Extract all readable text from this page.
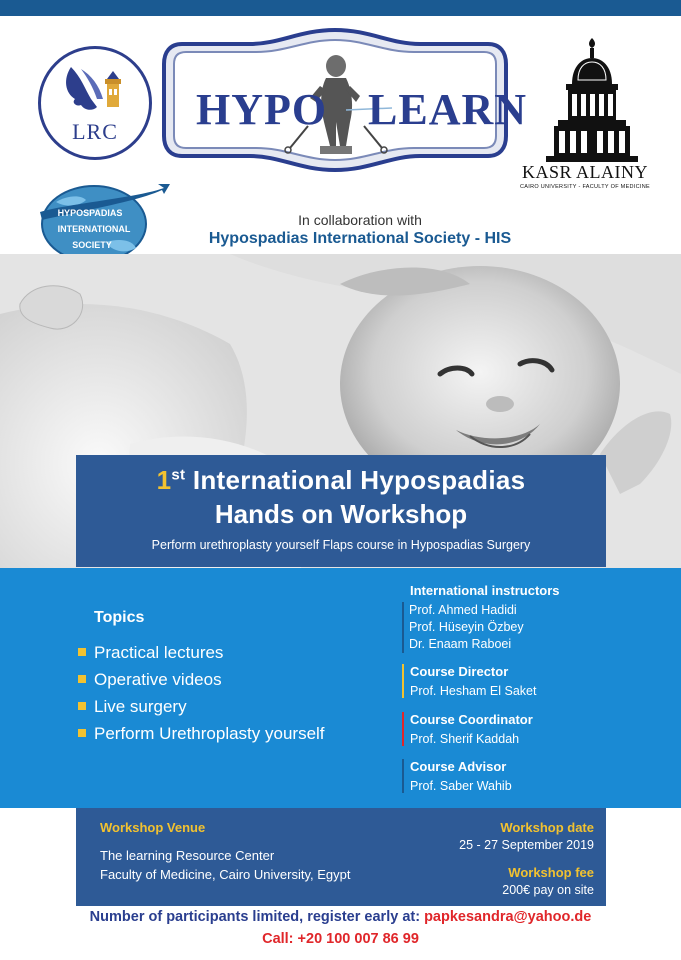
LRC	HYPO LEARN
KASR ALAINY
CAIRO UNIVERSITY - FACULTY OF MEDICINE
HYPOSPADIAS
INTERNATIONAL
SOCIETY
In collaboration with
Hypospadias International Society - HIS
1st International Hypospadias
Hands on Workshop
Perform urethroplasty yourself Flaps course in Hypospadias Surgery
Topics
Practical lectures
Operative videos
Live surgery
Perform Urethroplasty yourself
International instructors
Prof. Ahmed Hadidi
Prof. Hüseyin Özbey
Dr. Enaam Raboei
Course Director
Prof. Hesham El Saket
Course Coordinator
Prof. Sherif Kaddah
Course Advisor
Prof. Saber Wahib
Workshop Venue
The learning Resource Center
Faculty of Medicine, Cairo University, Egypt
Workshop date
25 - 27 September 2019
Workshop fee
200€ pay on site
Number of participants limited, register early at: papkesandra@yahoo.de
Call: +20 100 007 86 99
